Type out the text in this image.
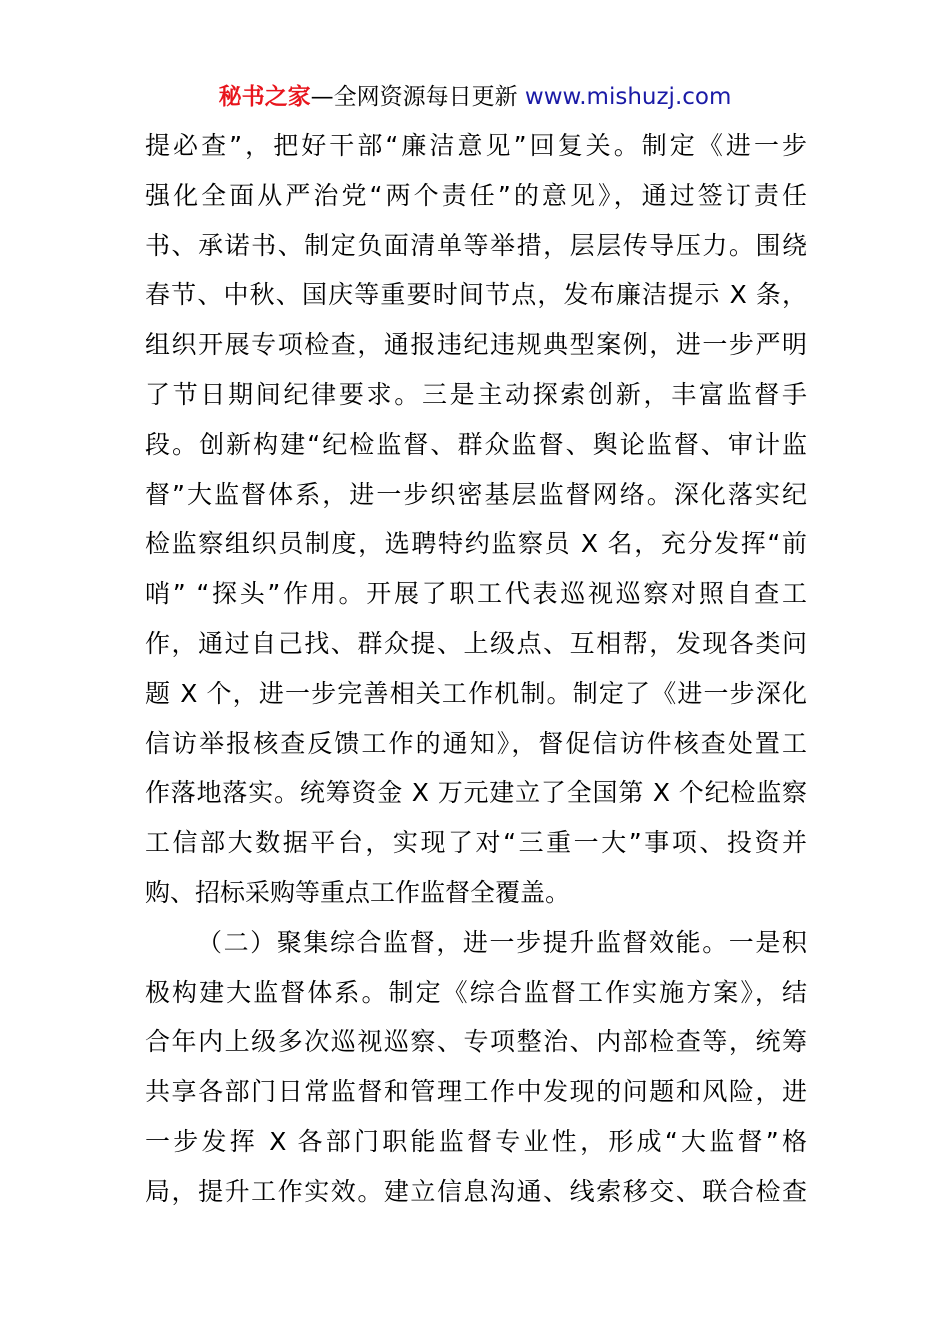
秘书之家—全网资源每日更新 www.mishuzj.com
提必查”，把好干部“廉洁意见”回复关。制定《进一步
强化全面从严治党“两个责任”的意见》，通过签订责任
书、承诺书、制定负面清单等举措，层层传导压力。围绕
春节、中秋、国庆等重要时间节点，发布廉洁提示 X 条，
组织开展专项检查，通报违纪违规典型案例，进一步严明
了节日期间纪律要求。三是主动探索创新，丰富监督手
段。创新构建“纪检监督、群众监督、舆论监督、审计监
督”大监督体系，进一步织密基层监督网络。深化落实纪
检监察组织员制度，选聘特约监察员 X 名，充分发挥“前
哨” “探头”作用。开展了职工代表巡视巡察对照自查工
作，通过自己找、群众提、上级点、互相帮，发现各类问
题 X 个，进一步完善相关工作机制。制定了《进一步深化
信访举报核查反馈工作的通知》，督促信访件核查处置工
作落地落实。统筹资金 X 万元建立了全国第 X 个纪检监察
工信部大数据平台，实现了对“三重一大”事项、投资并
购、招标采购等重点工作监督全覆盖。
（二）聚集综合监督，进一步提升监督效能。一是积
极构建大监督体系。制定《综合监督工作实施方案》，结
合年内上级多次巡视巡察、专项整治、内部检查等，统筹
共享各部门日常监督和管理工作中发现的问题和风险，进
一步发挥 X 各部门职能监督专业性，形成“大监督”格
局，提升工作实效。建立信息沟通、线索移交、联合检查
